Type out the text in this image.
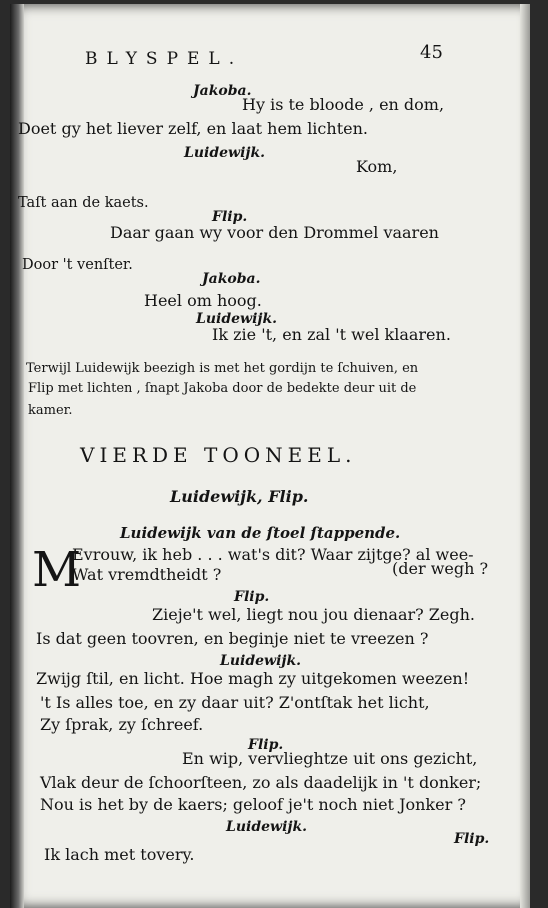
BLYSPEL.	45
Jakoba.
Hy is te bloode , en dom,
Doet gy het liever zelf, en laat hem lichten.
Luidewijk.
Kom,
Taſt aan de kaets.
Flip.
Daar gaan wy voor den Drommel vaaren
Door 't venſter.
Jakoba.
Heel om hoog.
Luidewijk.
Ik zie 't, en zal 't wel klaaren.
Terwijl Luidewijk beezigh is met het gordijn te ſchuiven, en
Flip met lichten , ſnapt Jakoba door de bedekte deur uit de
kamer.
VIERDE TOONEEL.
Luidewijk, Flip.
Luidewijk van de ſtoel ſtappende.
M
Evrouw, ik heb . . . wat's dit? Waar zijtge? al wee-
Wat vremdtheidt ?	(der wegh ?
Flip.
Zieje't wel, liegt nou jou dienaar? Zegh.
Is dat geen toovren, en beginje niet te vreezen ?
Luidewijk.
Zwijg ſtil, en licht. Hoe magh zy uitgekomen weezen!
't Is alles toe, en zy daar uit? Z'ontſtak het licht,
Zy ſprak, zy ſchreef.
Flip.
En wip, vervlieghtze uit ons gezicht,
Vlak deur de ſchoorſteen, zo als daadelijk in 't donker;
Nou is het by de kaers; geloof je't noch niet Jonker ?
Luidewijk.
Flip.
Ik lach met tovery.
